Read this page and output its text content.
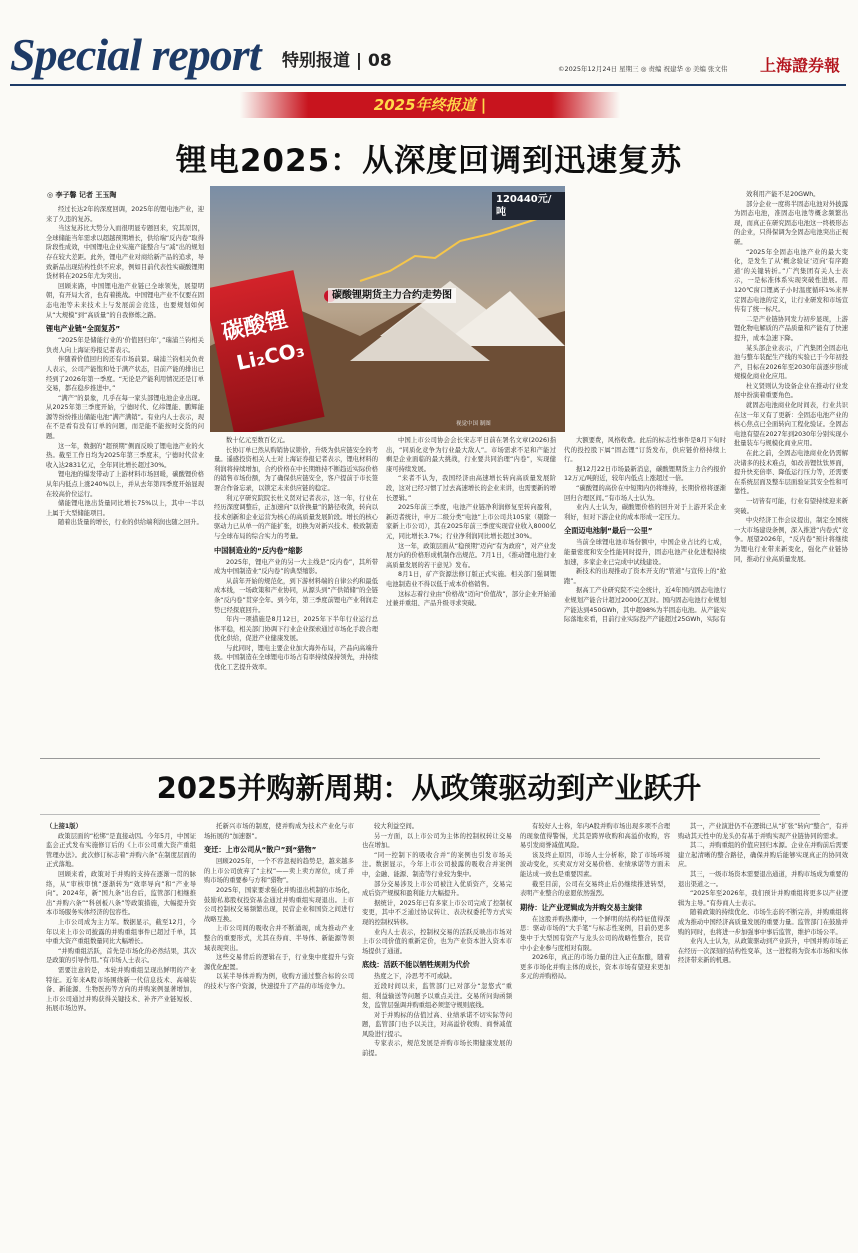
Special report 特别报道 | 08	©2025年12月24日 星期三 ◎ 责编 祝建华 ◎ 美编 张文伟 上海證券報
2025年终报道 |
锂电2025：从深度回调到迅速复苏
◎ 李子馨 记者 王玉陶
碳酸锂期货主力合约走势图
120440元/吨
碳酸锂
Li₂CO₃
视觉中国 制图

经过长达2年的深度回调，2025年的锂电池产业，迎来了久违的复苏。

当这复苏比大势分入而很明显专题回来，究其原因，全球储能当年需求以超越预期增长，供给端“反内卷”取得阶段性成效，中国锂电企业实施产能整合与“减”出的规划存在较大差距。此外，锂电产业对商给新产品的追求，导致新品出现结构性供不应求，例如目前代表性实碳酸锂期货材料在2025年尤为突出。

回顾来路，中国锂电池产业链已全球领先，展望明朝，有开局大省，也有着挑战。中国锂电产业不仅要在固态电池等未来技术上与发展前会竞选，也要规划如何从“大规模”到“高质量”的自我修炼之路。

锂电产业链“全面复苏”

“2025年是储能行业的‘价值回归年’，”瑞浦兰钧相关负责人向上海证券报记者表示。

伴随着价值回归的还有市场前景。瑞浦兰钧相关负责人表示，公司产能饱和处于满产状态，目前产能的排出已经到了2026年第一季度。“无论是产能利用情况还是订单交易，都在稳步推进中。”

“满产”的景象，几乎在每一家头部锂电池企业出现。从2025年第三季度开始，宁德时代、亿纬锂能、鹏辉能源等纷纷推出储能电池“满产满销”。有业内人士表示，现在不是看有没有订单的问题，而是能不能按时交货的问题。

这一年，数据的“超预期”侧面反映了锂电池产业的火热。截至工作日均为2025年第三季度末，宁德时代营业收入达2831亿元，全年同比增长超过30%。

锂电池的爆发带动了上游材料市场回暖，碳酸锂价格从年内低点上涨240%以上，并从去年第四季度开始显现在较高价位运行。

储能锂电池出货量同比增长75%以上，其中一半以上属于大型储能项目。

随着出货量的增长，行业的供给端利润也随之回升。

数十亿元至数百亿元。

长协订单已然从购销协议锁价，升级为供应链安全的考量。遥感投资相关人士对上海证券报记者表示，锂电材料的利润将持续增加，合约价格在中长期维持不断趋近实际价格的销售市场份额，为了确保供应链安全，客户提前于市长签署合作备忘录，以锁定未来供应链的稳定。

利元亨研究院院长杜义贤对记者表示，这一年，行业在经历深度调整后，正加速向“以价换量”的路径收敛，转向以技术创新和企业运营为核心的高质量发展阶段。增长的核心驱动力已从单一的产能扩张，切换为对新兴技术、极致制造与全球布局的综合实力的考量。

中国制造业的“反内卷”缩影

2025年，锂电产业的另一大主线是“反内卷”，其所带成为中国制造业“反内卷”的典型缩影。

从前年开始的规范化，到下游材料端的自律公约和最低成本线，一场政策和产业协同，从源头到“产供销储”的全链条“反内卷”贯穿全年。到今年，第三季度前锂电产业利润走势已经探底回升。

年内一项措施是8月12日，2025年下半年行业运行总体平稳，相关部门协调下行业企业探索通过市场化手段合理优化供给，促进产业健康发展。

与此同时，锂电主要企业加大海外布局，产品向高端升级。中国制造在全球锂电市场占有率持续保持领先，并持续优化工艺提升效率。

中国上市公司协会会长宋志平日前在署名文章(2026)指出，“同质化竞争为行业最大敌人”。市场需求不足和产能过剩是企业面临的最大挑战，行业要共同治理“内卷”，实现健康可持续发展。

“来者不认为，我国经济由高速增长转向高质量发展阶段，这对已经习惯了过去高速增长的企业来讲，也需要新的增长逻辑。”

2025年前三季度，电池产业链净利润修复至转向盈利，新迈者统计，申万二级分类“电池”上市公司共105家（剔除一家新上市公司），其在2025年前三季度实现营业收入8000亿元，同比增长3.7%；行业净利润同比增长超过30%。

这一年，政策层面从“稳预期”迈向“有为政府”，对产业发展方向的价格形成机制作出规范。7月1日，《推动锂电池行业高质量发展的若干意见》发布。

8月1日，矿产资源法修订版正式实施。相关部门强调锂电池制造业不得以低于成本价格销售。

这标志着行业由“价格战”迈向“价值战”，部分企业开始通过兼并重组、产品升级寻求突破。

大额要费，风格收费。此后的标志性事件是8月下旬时代的投控股下属“固态锂”订货发布，供应链价格持续上行。

据12月22日市场最新消息，碳酸锂期货主力合约报价12万元/吨附近，较年内低点上涨超过一倍。

“碳酸锂的高价在中短期内仍将维持，长期价格将逐渐回归合理区间。”有市场人士认为。

业内人士认为，碳酸锂价格的回升对于上游开采企业利好，但对下游企业的成本形成一定压力。

全面迈电池制“最后一公里”

当前全球锂电池市场份额中，中国企业占比约七成，能量密度和安全性能同时提升，固态电池产业化进程持续加速，多家企业已完成中试线建设。

新技术的出现推动了资本开支的“管道”与宣传上的“抢跑”。

据高工产业研究院不完全统计，近4年国内固态电池行业规划产能合计超过2000亿瓦时。国内固态电池行业规划产能达到450GWh，其中超98%为半固态电池。从产能实际落地来看，目前行业实际投产产能超过25GWh，实际有

效利用产能不足20GWh。

部分企业一度将半固态电池对外披露为固态电池，准固态电池等概念频繁出现，而真正在研究固态电池这一终极形态的企业，只得保调为全固态电池突出正视研。

“2025年全固态电池产业的最大变化，是发生了从‘概念验证’迈向‘有序跑道’的关键转折。”广汽集团有关人士表示，一是标准体系实现突破性进展。用120℃窗口锂离子小时温度循环1%来界定固态电池的定义，让行业研发和市场宣传有了统一标尺。

二是产业链协同发力初步显现，上游锂化物电解质的产品质量和产能有了快速提升，成本急速下降。

某头部企业表示，广汽集团全固态电池与整车装配生产线的实验已于今年初投产，目标在2026年至2030年前逐步形成规模化商业化应用。

杜义贤则认为设备企业在推动行业发展中扮演着重要角色。

就固态电池商业化时间表，行业共识在这一年又有了更新：全固态电池产业的核心焦点已全面转向工程化验证。全固态电池有望在2027年到2030年分别实现小批量装车与规模化商业应用。

在此之前，全固态电池商业化仍需解决诸多的技术难点，如改善锂钛钛界面，提升快充倍率、降低运行压力等，还需要在系统层面及整车层面验证其安全性和可靠性。

一切皆有可能，行业有望持续迎来新突破。

中央经济工作会议提出，制定全国统一大市场建设条例，深入推进“内卷式”竞争。展望2026年，“反内卷”预计将继续为锂电行业带来新变化，强化产业链协同，推动行业高质量发展。

2025并购新周期：从政策驱动到产业跃升

（上接1版）

政策层面的“松绑”是直接动因。今年5月，中国证监会正式发布实施修订后的《上市公司重大资产重组管理办法》。此次修订标志着“并购六条”在制度层面的正式落地。

回顾来看，政策对于并购的支持在逐渐一贯的脉络，从“审核审慎”逐渐转为“效率导向”和“产业导向”。2024年，新“国九条”出台后，监管部门相继推出“并购六条”“科创板八条”等政策措施，大幅提升资本市场服务实体经济的包容性。

上市公司成为主力军。数据显示，截至12月，今年以来上市公司披露的并购重组事件已超过千单，其中重大资产重组数量同比大幅增长。

“并购重组活跃，首先是市场化的必然结果，其次是政策的引导作用。”有市场人士表示。

需要注意的是，本轮并购重组呈现出鲜明的产业特征。近年来A股市场围绕新一代信息技术、高端装备、新能源、生物医药等方向的并购案例显著增加，上市公司通过并购获得关键技术、补齐产业链短板、拓展市场边界。

托新兴市场的制度，使并购成为技术产业化与市场拓展的“加速器”。

变迁：上市公司从“散户”到“猎物”

回顾2025年，一个不容忽视的趋势是，越来越多的上市公司放弃了“主权”——卖上卖方席位，成了并购市场的重要参与方和“猎物”。

2025年，国家要求强化并购退出机制的市场化，鼓励私募股权投资基金通过并购重组实现退出。上市公司控制权交易频繁出现，民营企业和国资之间进行战略互换。

上市公司间的吸收合并不断涌现，成为推动产业整合的重要形式，尤其在券商、半导体、新能源等领域表现突出。

这些交易背后的逻辑在于，行业集中度提升与资源优化配置。

以某半导体并购为例，收购方通过整合标的公司的技术与客户资源，快速提升了产品的市场竞争力。

较大利益空间。

另一方面，以上市公司为主体的控制权转让交易也在增加。

“同一控制下的吸收合并”的案例也引发市场关注。数据显示，今年上市公司披露的吸收合并案例中，金融、能源、制造等行业较为集中。

部分交易涉及上市公司被注入优质资产，交易完成后资产规模和盈利能力大幅提升。

据统计，2025年已有多家上市公司完成了控制权变更，其中不乏通过协议转让、表决权委托等方式实现的控制权转移。

业内人士表示，控制权交易的活跃反映出市场对上市公司价值的重新定价，也为产业资本进入资本市场提供了通道。

底线：活跃不能以牺牲规则为代价

热度之下，冷思考不可或缺。

近段时间以来，监管部门已对部分“忽悠式”重组、利益输送等问题予以重点关注。交易所问询函频发，监管层强调并购重组必须坚守规则底线。

对于并购标的估值过高、业绩承诺不切实际等问题，监管部门也予以关注，对高溢价收购、商誉减值风险进行提示。

专家表示，规范发展是并购市场长期健康发展的前提。

有较好人士称，年内A股并购市场出现多项不合理的现象值得警惕，尤其是跨界收购和高溢价收购，容易引发商誉减值风险。

该及终止原因，市场人士分析称，除了市场环境波动变化，买卖双方对交易价格、业绩承诺等方面未能达成一致也是重要因素。

截至目前，公司在交易终止后仍继续推进转型，表明产业整合的意愿依然强烈。

期待：让产业逻辑成为并购交易主旋律

在这股并购热潮中，一个鲜明的结构特征值得深思：驱动市场的“大手笔”与标志性案例，目前仍更多集中于大型国有资产与龙头公司的战略性整合，民营中小企业参与度相对有限。

2026年，真正的市场力量的注入正在酝酿，随着更多市场化并购主体的成长，资本市场有望迎来更加多元的并购格局。

其一，产业演进仍不在逻辑已从“扩张”转向“整合”，有并购动其天性中的龙头仍有基于并购实现产业链协同的需求。

其二，并购重组的价值应回归本源。企业在并购前后需要建立起清晰的整合路径，确保并购后能够实现真正的协同效应。

其三，一级市场资本需要退出通道，并购市场成为重要的退出渠道之一。

“2025年至2026年，我们预计并购重组将更多以产业逻辑为主导。”有券商人士表示。

随着政策的持续优化、市场生态的不断完善，并购重组将成为推动中国经济高质量发展的重要力量。监管部门在鼓励并购的同时，也将进一步加强事中事后监管，维护市场公平。

业内人士认为，从政策驱动到产业跃升，中国并购市场正在经历一次深刻的结构性变革，这一进程将为资本市场和实体经济带来新的机遇。
